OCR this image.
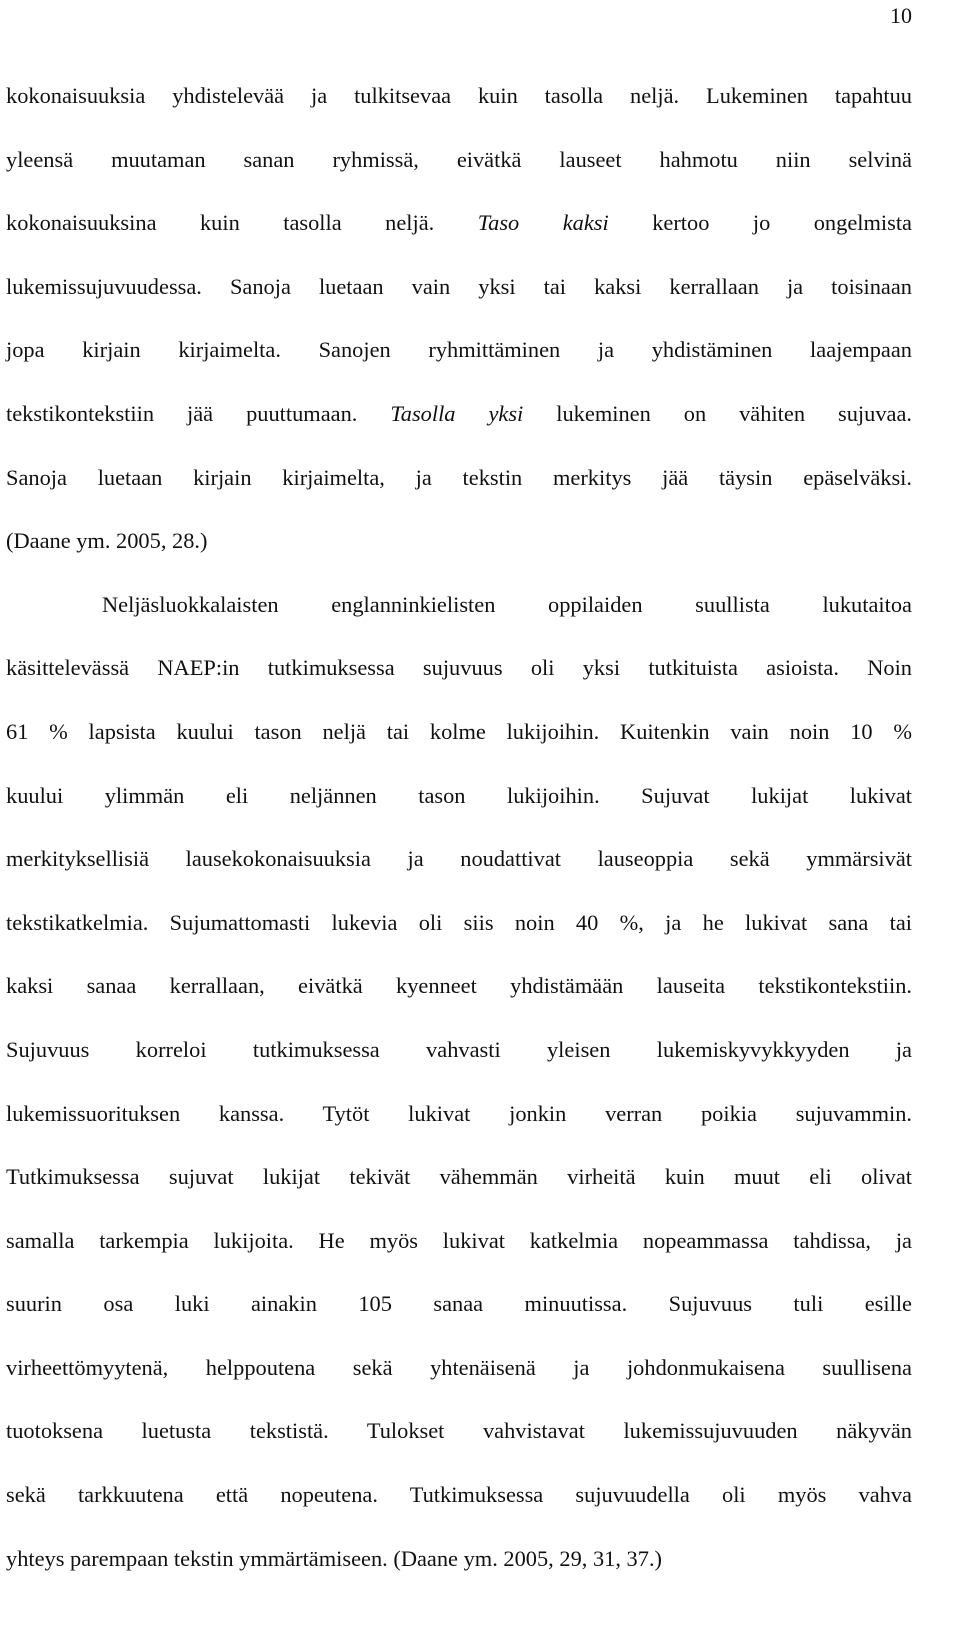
10
kokonaisuuksia yhdistelevää ja tulkitsevaa kuin tasolla neljä. Lukeminen tapahtuu
yleensä muutaman sanan ryhmissä, eivätkä lauseet hahmotu niin selvinä
kokonaisuuksina kuin tasolla neljä. Taso kaksi kertoo jo ongelmista
lukemissujuvuudessa. Sanoja luetaan vain yksi tai kaksi kerrallaan ja toisinaan
jopa kirjain kirjaimelta. Sanojen ryhmittäminen ja yhdistäminen laajempaan
tekstikontekstiin jää puuttumaan. Tasolla yksi lukeminen on vähiten sujuvaa.
Sanoja luetaan kirjain kirjaimelta, ja tekstin merkitys jää täysin epäselväksi.
(Daane ym. 2005, 28.)
Neljäsluokkalaisten englanninkielisten oppilaiden suullista lukutaitoa
käsittelevässä NAEP:in tutkimuksessa sujuvuus oli yksi tutkituista asioista. Noin
61 % lapsista kuului tason neljä tai kolme lukijoihin. Kuitenkin vain noin 10 %
kuului ylimmän eli neljännen tason lukijoihin. Sujuvat lukijat lukivat
merkityksellisiä lausekokonaisuuksia ja noudattivat lauseoppia sekä ymmärsivät
tekstikatkelmia. Sujumattomasti lukevia oli siis noin 40 %, ja he lukivat sana tai
kaksi sanaa kerrallaan, eivätkä kyenneet yhdistämään lauseita tekstikontekstiin.
Sujuvuus korreloi tutkimuksessa vahvasti yleisen lukemiskyvykkyyden ja
lukemissuorituksen kanssa. Tytöt lukivat jonkin verran poikia sujuvammin.
Tutkimuksessa sujuvat lukijat tekivät vähemmän virheitä kuin muut eli olivat
samalla tarkempia lukijoita. He myös lukivat katkelmia nopeammassa tahdissa, ja
suurin osa luki ainakin 105 sanaa minuutissa. Sujuvuus tuli esille
virheettömyytenä, helppoutena sekä yhtenäisenä ja johdonmukaisena suullisena
tuotoksena luetusta tekstistä. Tulokset vahvistavat lukemissujuvuuden näkyvän
sekä tarkkuutena että nopeutena. Tutkimuksessa sujuvuudella oli myös vahva
yhteys parempaan tekstin ymmärtämiseen. (Daane ym. 2005, 29, 31, 37.)
